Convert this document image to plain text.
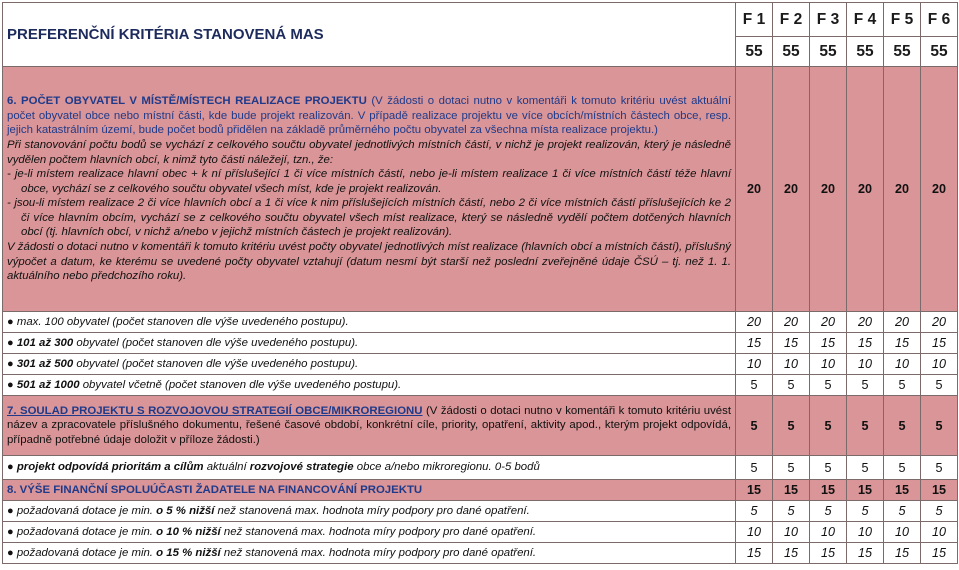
PREFERENČNÍ KRITÉRIA STANOVENÁ MAS	F 1	F 2	F 3	F 4	F 5	F 6
	55	55	55	55	55	55
6. POČET OBYVATEL V MÍSTĚ/MÍSTECH REALIZACE PROJEKTU (V žádosti o dotaci nutno v komentáři k tomuto kritériu uvést aktuální počet obyvatel obce nebo místní části, kde bude projekt realizován. V případě realizace projektu ve více obcích/místních částech obce, resp. jejich katastrálním území, bude počet bodů přidělen na základě průměrného počtu obyvatel za všechna místa realizace projektu.)
Při stanovování počtu bodů se vychází z celkového součtu obyvatel jednotlivých místních částí, v nichž je projekt realizován, který je následně vydělen počtem hlavních obcí, k nimž tyto části náležejí, tzn., že:
- je-li místem realizace hlavní obec + k ní příslušející 1 či více místních částí, nebo je-li místem realizace 1 či více místních částí téže hlavní obce, vychází se z celkového součtu obyvatel všech míst, kde je projekt realizován.
- jsou-li místem realizace 2 či více hlavních obcí a 1 či více k nim příslušejících místních částí, nebo 2 či více místních částí příslušejících ke 2 či více hlavním obcím, vychází se z celkového součtu obyvatel všech míst realizace, který se následně vydělí počtem dotčených hlavních obcí (tj. hlavních obcí, v nichž a/nebo v jejichž místních částech je projekt realizován).
V žádosti o dotaci nutno v komentáři k tomuto kritériu uvést počty obyvatel jednotlivých míst realizace (hlavních obcí a místních částí), příslušný výpočet a datum, ke kterému se uvedené počty obyvatel vztahují (datum nesmí být starší než poslední zveřejněné údaje ČSÚ – tj. než 1. 1. aktuálního nebo předchozího roku).	20	20	20	20	20	20
● max. 100 obyvatel (počet stanoven dle výše uvedeného postupu).	20	20	20	20	20	20
● 101 až 300 obyvatel (počet stanoven dle výše uvedeného postupu).	15	15	15	15	15	15
● 301 až 500 obyvatel (počet stanoven dle výše uvedeného postupu).	10	10	10	10	10	10
● 501 až 1000 obyvatel včetně (počet stanoven dle výše uvedeného postupu).	5	5	5	5	5	5
7. SOULAD PROJEKTU S ROZVOJOVOU STRATEGIÍ OBCE/MIKROREGIONU (V žádosti o dotaci nutno v komentáři k tomuto kritériu uvést název a zpracovatele příslušného dokumentu, řešené časové období, konkrétní cíle, priority, opatření, aktivity apod., kterým projekt odpovídá, případně potřebné údaje doložit v příloze žádosti.)	5	5	5	5	5	5
● projekt odpovídá prioritám a cílům aktuální rozvojové strategie obce a/nebo mikroregionu. 0-5 bodů	5	5	5	5	5	5
8. VÝŠE FINANČNÍ SPOLUÚČASTI ŽADATELE NA FINANCOVÁNÍ PROJEKTU	15	15	15	15	15	15
● požadovaná dotace je min. o 5 % nižší než stanovená max. hodnota míry podpory pro dané opatření.	5	5	5	5	5	5
● požadovaná dotace je min. o 10 % nižší než stanovená max. hodnota míry podpory pro dané opatření.	10	10	10	10	10	10
● požadovaná dotace je min. o 15 % nižší než stanovená max. hodnota míry podpory pro dané opatření.	15	15	15	15	15	15
